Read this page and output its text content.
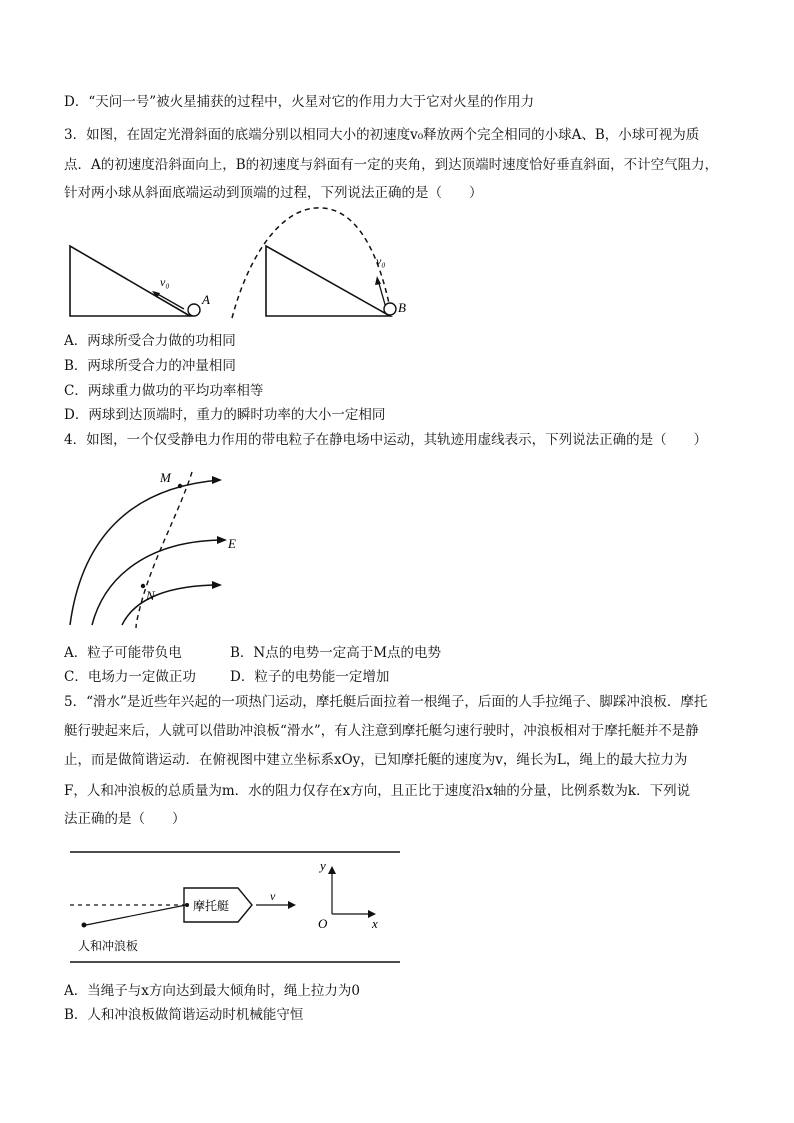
D．“天问一号”被火星捕获的过程中，火星对它的作用力大于它对火星的作用力
3．如图，在固定光滑斜面的底端分别以相同大小的初速度v₀释放两个完全相同的小球A、B，小球可视为质
点．A的初速度沿斜面向上，B的初速度与斜面有一定的夹角，到达顶端时速度恰好垂直斜面，不计空气阻力，
针对两小球从斜面底端运动到顶端的过程，下列说法正确的是（　　）
v₀
A
v₀
B
A．两球所受合力做的功相同
B．两球所受合力的冲量相同
C．两球重力做功的平均功率相等
D．两球到达顶端时，重力的瞬时功率的大小一定相同
4．如图，一个仅受静电力作用的带电粒子在静电场中运动，其轨迹用虚线表示，下列说法正确的是（　　）
M
E
N
A．粒子可能带负电	B．N点的电势一定高于M点的电势
C．电场力一定做正功	D．粒子的电势能一定增加
5．“滑水”是近些年兴起的一项热门运动，摩托艇后面拉着一根绳子，后面的人手拉绳子、脚踩冲浪板．摩托
艇行驶起来后，人就可以借助冲浪板“滑水”，有人注意到摩托艇匀速行驶时，冲浪板相对于摩托艇并不是静
止，而是做简谐运动．在俯视图中建立坐标系xOy，已知摩托艇的速度为v，绳长为L，绳上的最大拉力为
F，人和冲浪板的总质量为m．水的阻力仅存在x方向，且正比于速度沿x轴的分量，比例系数为k．下列说
法正确的是（　　）
摩托艇
v
人和冲浪板
y
x
O
A．当绳子与x方向达到最大倾角时，绳上拉力为0
B．人和冲浪板做简谐运动时机械能守恒
